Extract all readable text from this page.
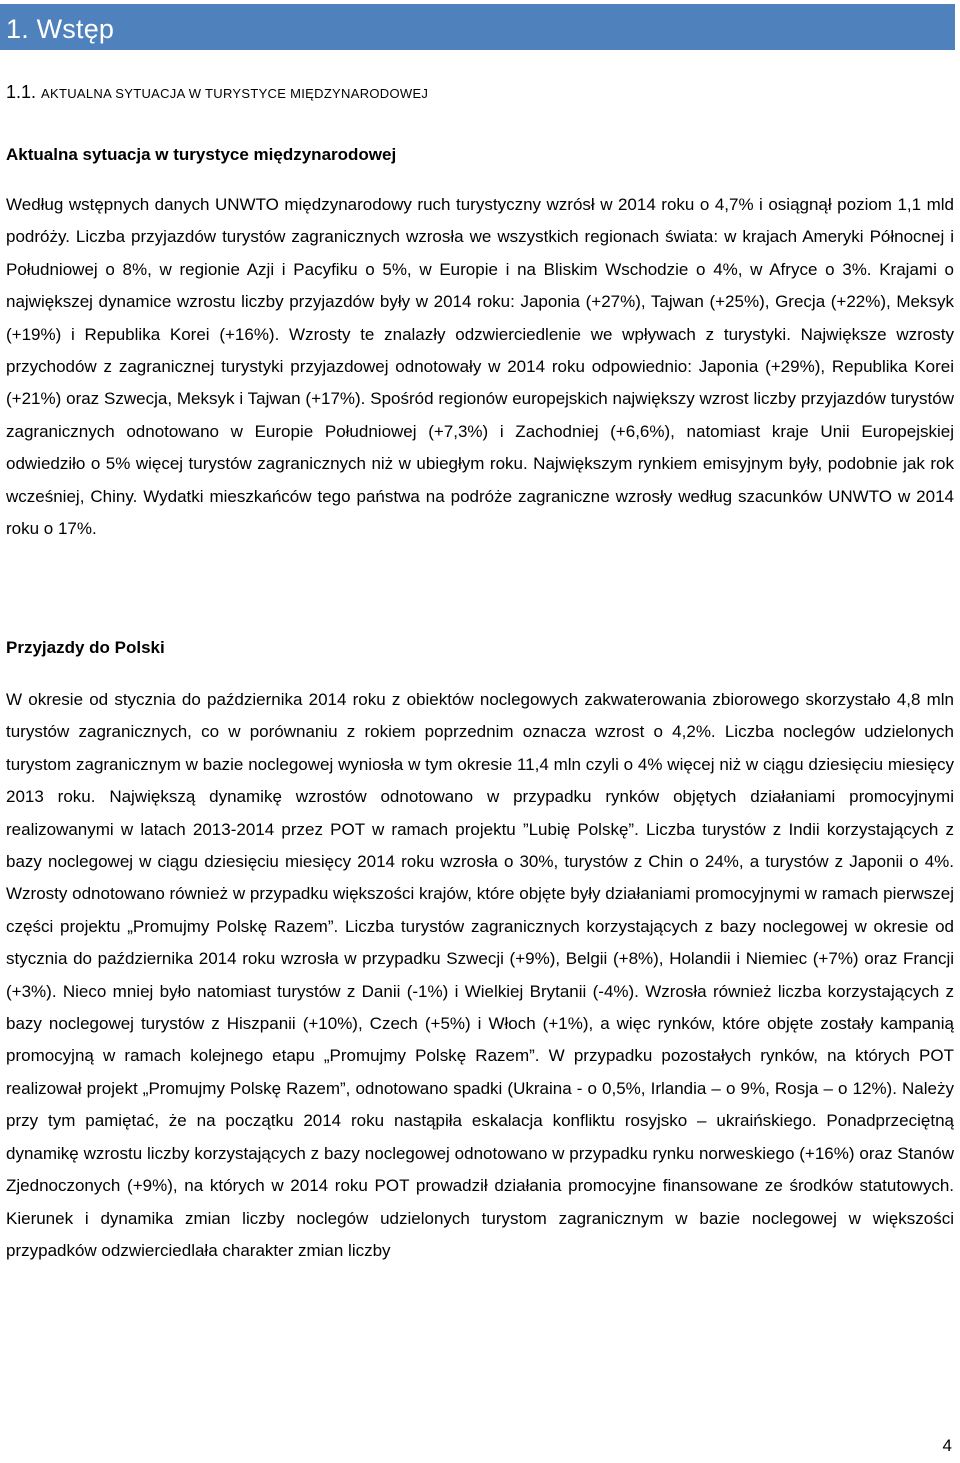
1. Wstęp
1.1. AKTUALNA SYTUACJA W TURYSTYCE MIĘDZYNARODOWEJ
Aktualna sytuacja w turystyce międzynarodowej

Według wstępnych danych UNWTO międzynarodowy ruch turystyczny wzrósł w 2014 roku o 4,7% i osiągnął poziom 1,1 mld podróży. Liczba przyjazdów turystów zagranicznych wzrosła we wszystkich regionach świata: w krajach Ameryki Północnej i Południowej o 8%, w regionie Azji i Pacyfiku o 5%, w Europie i na Bliskim Wschodzie o 4%, w Afryce o 3%. Krajami o największej dynamice wzrostu liczby przyjazdów były w 2014 roku: Japonia (+27%), Tajwan (+25%), Grecja (+22%), Meksyk (+19%) i Republika Korei (+16%). Wzrosty te znalazły odzwierciedlenie we wpływach z turystyki. Największe wzrosty przychodów z zagranicznej turystyki przyjazdowej odnotowały w 2014 roku odpowiednio: Japonia (+29%), Republika Korei (+21%) oraz Szwecja, Meksyk i Tajwan (+17%). Spośród regionów europejskich największy wzrost liczby przyjazdów turystów zagranicznych odnotowano w Europie Południowej (+7,3%) i Zachodniej (+6,6%), natomiast kraje Unii Europejskiej odwiedziło o 5% więcej turystów zagranicznych niż w ubiegłym roku. Największym rynkiem emisyjnym były, podobnie jak rok wcześniej, Chiny. Wydatki mieszkańców tego państwa na podróże zagraniczne wzrosły według szacunków UNWTO w 2014 roku o 17%.

Przyjazdy do Polski

W okresie od stycznia do października 2014 roku z obiektów noclegowych zakwaterowania zbiorowego skorzystało 4,8 mln turystów zagranicznych, co w porównaniu z rokiem poprzednim oznacza wzrost o 4,2%. Liczba noclegów udzielonych turystom zagranicznym w bazie noclegowej wyniosła w tym okresie 11,4 mln czyli o 4% więcej niż w ciągu dziesięciu miesięcy 2013 roku. Największą dynamikę wzrostów odnotowano w przypadku rynków objętych działaniami promocyjnymi realizowanymi w latach 2013-2014 przez POT w ramach projektu ”Lubię Polskę”. Liczba turystów z Indii korzystających z bazy noclegowej w ciągu dziesięciu miesięcy 2014 roku wzrosła o 30%, turystów z Chin o 24%, a turystów z Japonii o 4%. Wzrosty odnotowano również w przypadku większości krajów, które objęte były działaniami promocyjnymi w ramach pierwszej części projektu „Promujmy Polskę Razem”. Liczba turystów zagranicznych korzystających z bazy noclegowej w okresie od stycznia do października 2014 roku wzrosła w przypadku Szwecji (+9%), Belgii (+8%), Holandii i Niemiec (+7%) oraz Francji (+3%). Nieco mniej było natomiast turystów z Danii (-1%) i Wielkiej Brytanii (-4%). Wzrosła również liczba korzystających z bazy noclegowej turystów z Hiszpanii (+10%), Czech (+5%) i Włoch (+1%), a więc rynków, które objęte zostały kampanią promocyjną w ramach kolejnego etapu „Promujmy Polskę Razem”. W przypadku pozostałych rynków, na których POT realizował projekt „Promujmy Polskę Razem”, odnotowano spadki (Ukraina - o 0,5%, Irlandia – o 9%, Rosja – o 12%). Należy przy tym pamiętać, że na początku 2014 roku nastąpiła eskalacja konfliktu rosyjsko – ukraińskiego. Ponadprzeciętną dynamikę wzrostu liczby korzystających z bazy noclegowej odnotowano w przypadku rynku norweskiego (+16%) oraz Stanów Zjednoczonych (+9%), na których w 2014 roku POT prowadził działania promocyjne finansowane ze środków statutowych. Kierunek i dynamika zmian liczby noclegów udzielonych turystom zagranicznym w bazie noclegowej w większości przypadków odzwierciedlała charakter zmian liczby

4
